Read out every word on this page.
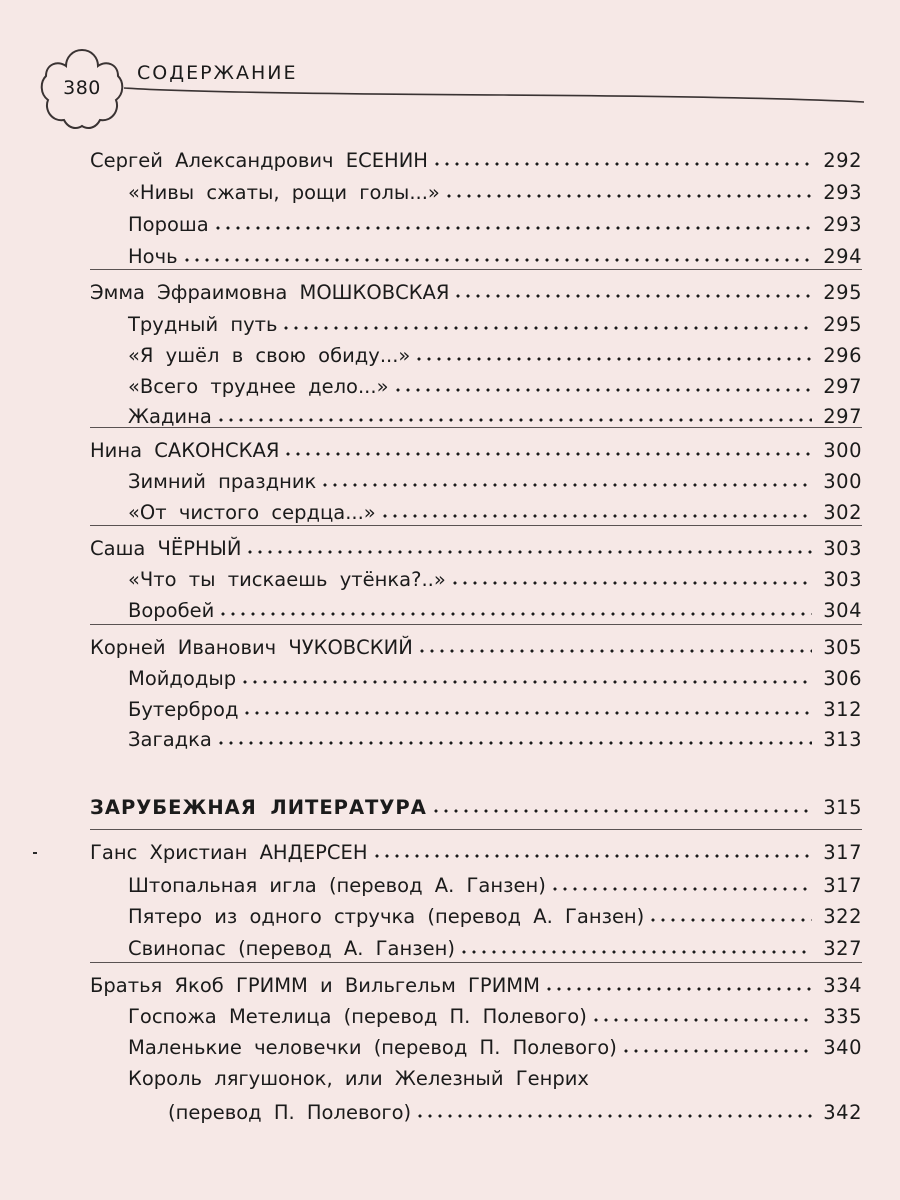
380
СОДЕРЖАНИЕ
Сергей Александрович ЕСЕНИН	292
«Нивы сжаты, рощи голы...»	293
Пороша	293
Ночь	294
Эмма Эфраимовна МОШКОВСКАЯ	295
Трудный путь	295
«Я ушёл в свою обиду...»	296
«Всего труднее дело...»	297
Жадина	297
Нина САКОНСКАЯ	300
Зимний праздник	300
«От чистого сердца...»	302
Саша ЧЁРНЫЙ	303
«Что ты тискаешь утёнка?..»	303
Воробей	304
Корней Иванович ЧУКОВСКИЙ	305
Мойдодыр	306
Бутерброд	312
Загадка	313
ЗАРУБЕЖНАЯ ЛИТЕРАТУРА	315
Ганс Христиан АНДЕРСЕН	317
Штопальная игла (перевод А. Ганзен)	317
Пятеро из одного стручка (перевод А. Ганзен)	322
Свинопас (перевод А. Ганзен)	327
Братья Якоб ГРИММ и Вильгельм ГРИММ	334
Госпожа Метелица (перевод П. Полевого)	335
Маленькие человечки (перевод П. Полевого)	340
Король лягушонок, или Железный Генрих
(перевод П. Полевого)	342
